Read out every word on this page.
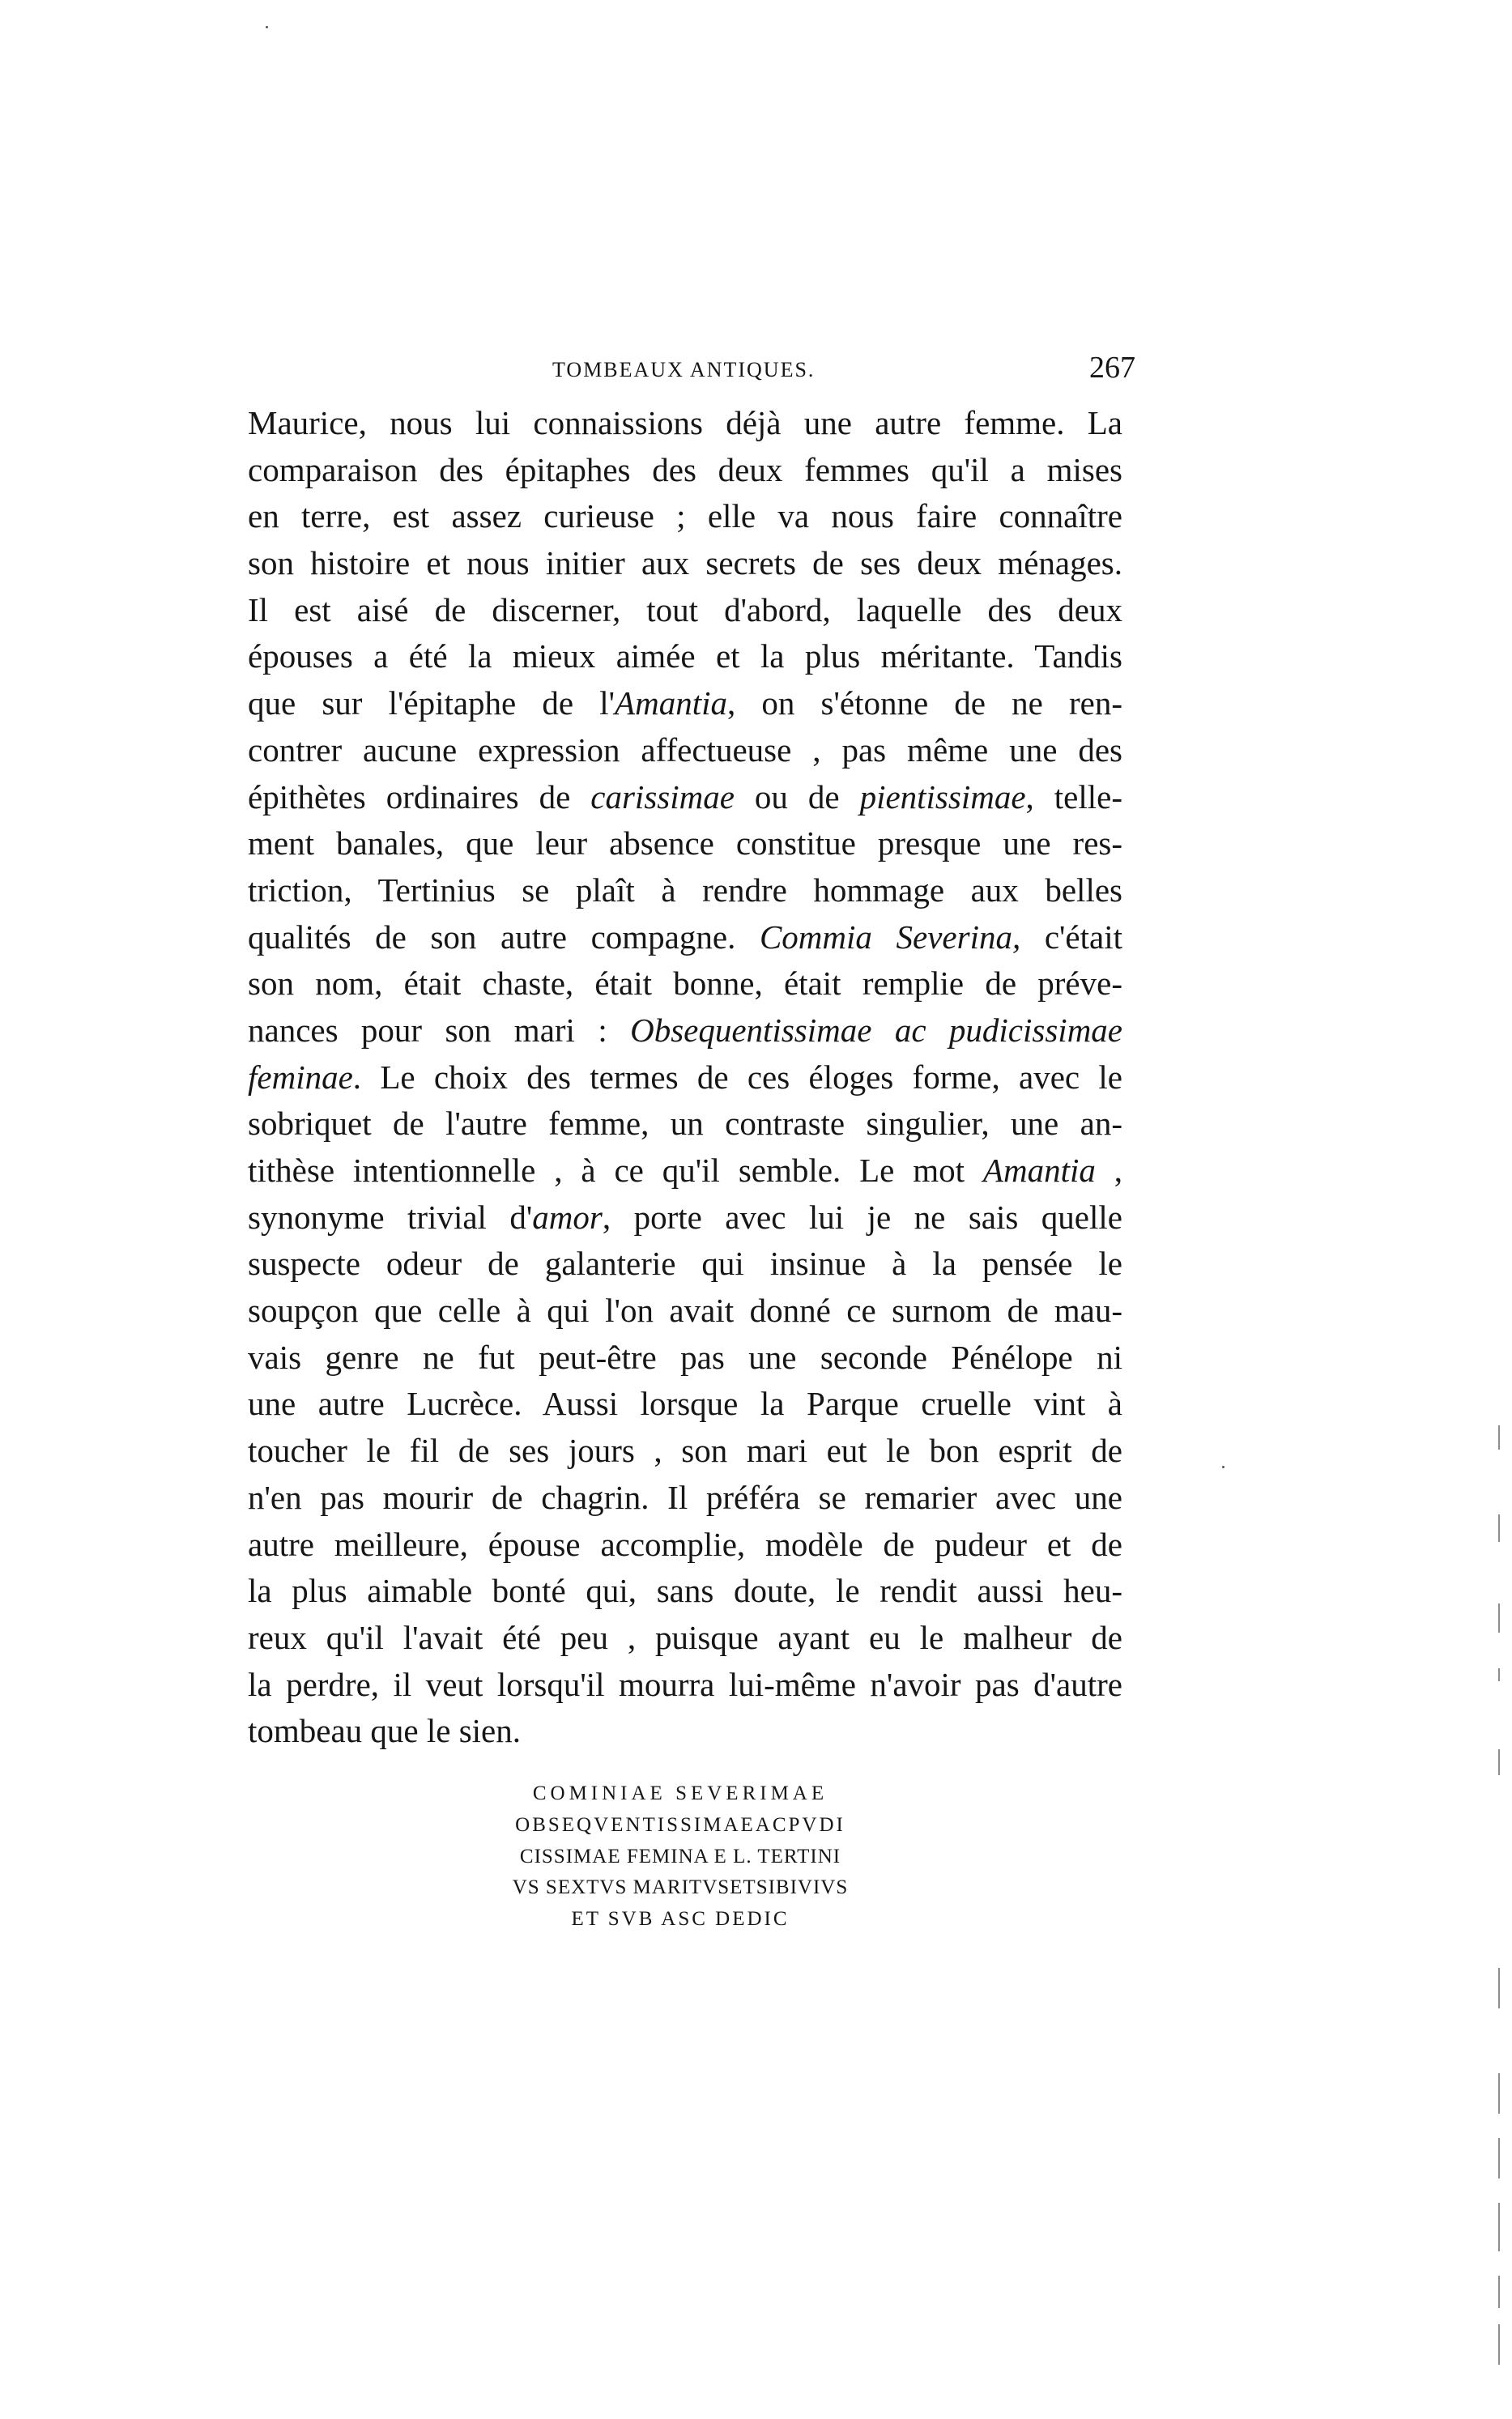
TOMBEAUX ANTIQUES.	267
Maurice, nous lui connaissions déjà une autre femme. La
comparaison des épitaphes des deux femmes qu'il a mises
en terre, est assez curieuse ; elle va nous faire connaître
son histoire et nous initier aux secrets de ses deux ménages.
Il est aisé de discerner, tout d'abord, laquelle des deux
épouses a été la mieux aimée et la plus méritante. Tandis
que sur l'épitaphe de l'Amantia, on s'étonne de ne ren-
contrer aucune expression affectueuse , pas même une des
épithètes ordinaires de carissimae ou de pientissimae, telle-
ment banales, que leur absence constitue presque une res-
triction, Tertinius se plaît à rendre hommage aux belles
qualités de son autre compagne. Commia Severina, c'était
son nom, était chaste, était bonne, était remplie de préve-
nances pour son mari : Obsequentissimae ac pudicissimae
feminae. Le choix des termes de ces éloges forme, avec le
sobriquet de l'autre femme, un contraste singulier, une an-
tithèse intentionnelle , à ce qu'il semble. Le mot Amantia ,
synonyme trivial d'amor, porte avec lui je ne sais quelle
suspecte odeur de galanterie qui insinue à la pensée le
soupçon que celle à qui l'on avait donné ce surnom de mau-
vais genre ne fut peut-être pas une seconde Pénélope ni
une autre Lucrèce. Aussi lorsque la Parque cruelle vint à
toucher le fil de ses jours , son mari eut le bon esprit de
n'en pas mourir de chagrin. Il préféra se remarier avec une
autre meilleure, épouse accomplie, modèle de pudeur et de
la plus aimable bonté qui, sans doute, le rendit aussi heu-
reux qu'il l'avait été peu , puisque ayant eu le malheur de
la perdre, il veut lorsqu'il mourra lui-même n'avoir pas d'autre
tombeau que le sien.
COMINIAE SEVERIMAE
OBSEQVENTISSIMAEACPVDI
CISSIMAE FEMINA E L. TERTINI
VS SEXTVS MARITVSETSIBIVIVS
ET SVB ASC DEDIC
